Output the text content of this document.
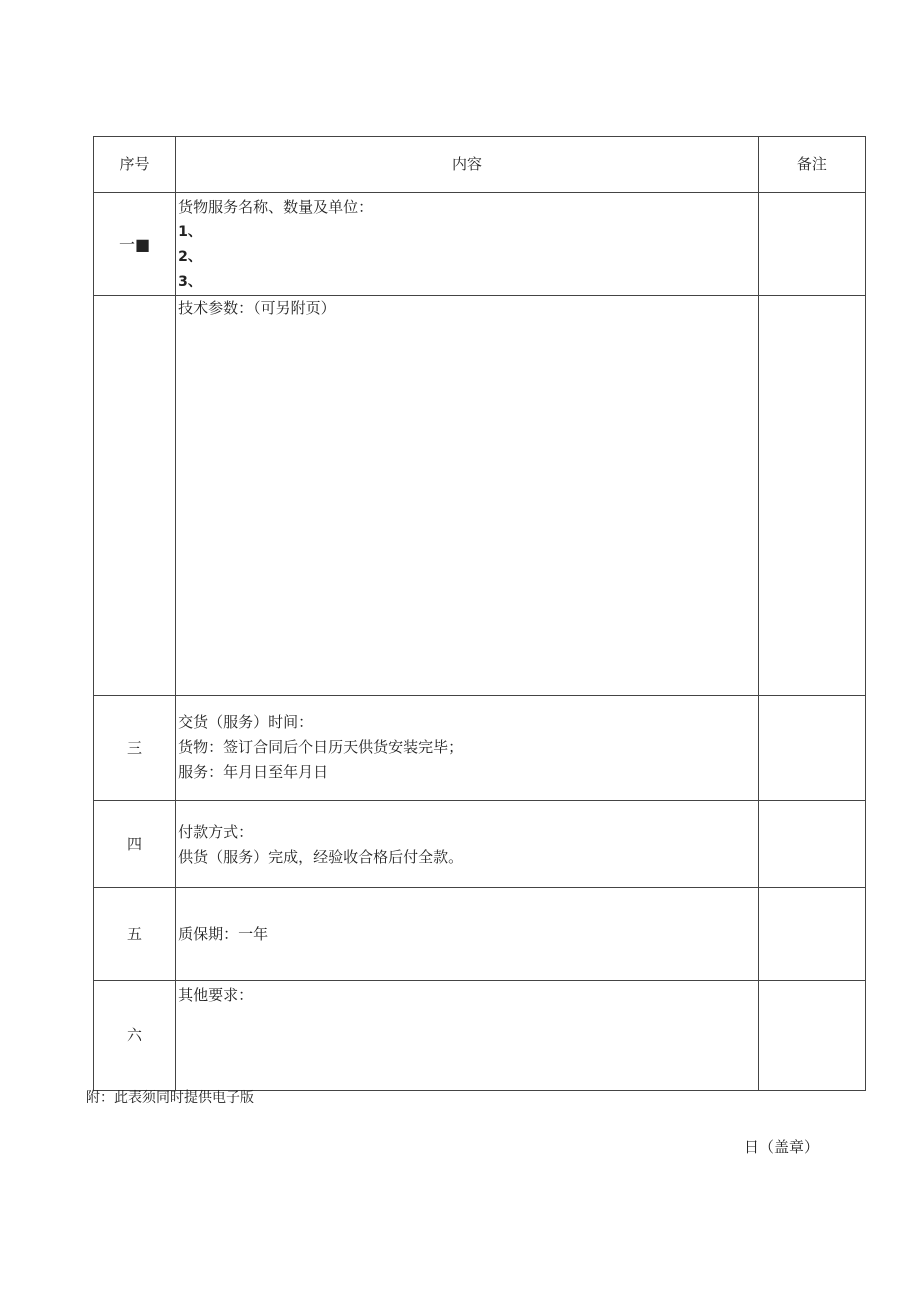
序号	内容	备注
一■	货物服务名称、数量及单位：
1、
2、
3、	

	技术参数：（可另附页）	

三	交货（服务）时间：
货物：签订合同后个日历天供货安装完毕；
服务：年月日至年月日	

四	付款方式：
供货（服务）完成，经验收合格后付全款。	

五	质保期：一年	

六	其他要求：	

附：此表须同时提供电子版
日（盖章）
